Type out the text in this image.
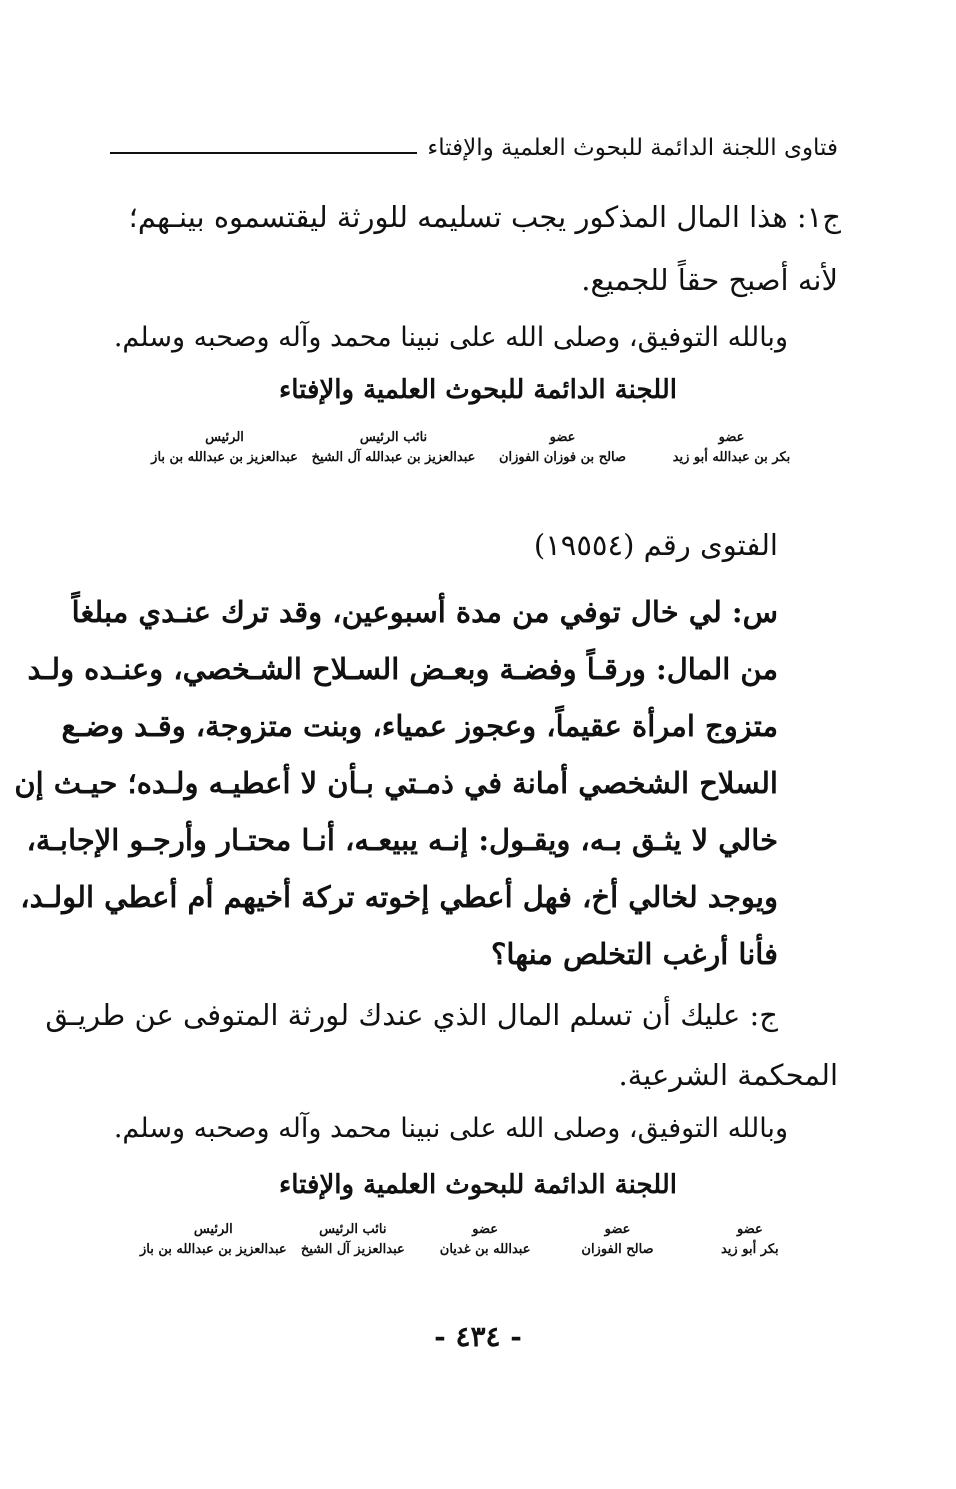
فتاوى اللجنة الدائمة للبحوث العلمية والإفتاء
ج١: هذا المال المذكور يجب تسليمه للورثة ليقتسموه بينـهم؛
لأنه أصبح حقاً للجميع.
وبالله التوفيق، وصلى الله على نبينا محمد وآله وصحبه وسلم.
اللجنة الدائمة للبحوث العلمية والإفتاء
عضو
بكر بن عبدالله أبو زيد
عضو
صالح بن فوزان الفوزان
نائب الرئيس
عبدالعزيز بن عبدالله آل الشيخ
الرئيس
عبدالعزيز بن عبدالله بن باز
الفتوى رقم (١٩٥٥٤)
س: لي خال توفي من مدة أسبوعين، وقد ترك عنـدي مبلغاً
من المال: ورقـاً وفضـة وبعـض السـلاح الشـخصي، وعنـده ولـد
متزوج امرأة عقيماً، وعجوز عمياء، وبنت متزوجة، وقـد وضـع
السلاح الشخصي أمانة في ذمـتي بـأن لا أعطيـه ولـده؛ حيـث إن
خالي لا يثـق بـه، ويقـول: إنـه يبيعـه، أنـا محتـار وأرجـو الإجابـة،
ويوجد لخالي أخ، فهل أعطي إخوته تركة أخيهم أم أعطي الولـد،
فأنا أرغب التخلص منها؟
ج: عليك أن تسلم المال الذي عندك لورثة المتوفى عن طريـق
المحكمة الشرعية.
وبالله التوفيق، وصلى الله على نبينا محمد وآله وصحبه وسلم.
اللجنة الدائمة للبحوث العلمية والإفتاء
عضو
بكر أبو زيد
عضو
صالح الفوزان
عضو
عبدالله بن غديان
نائب الرئيس
عبدالعزيز آل الشيخ
الرئيس
عبدالعزيز بن عبدالله بن باز
- ٤٣٤ -
